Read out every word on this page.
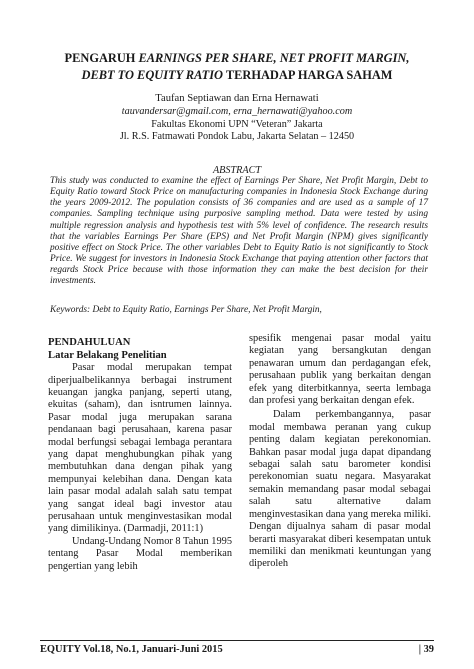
PENGARUH EARNINGS PER SHARE, NET PROFIT MARGIN,
DEBT TO EQUITY RATIO TERHADAP HARGA SAHAM
Taufan Septiawan dan Erna Hernawati
tauvandersar@gmail.com, erna_hernawati@yahoo.com
Fakultas Ekonomi UPN “Veteran” Jakarta
Jl. R.S. Fatmawati Pondok Labu, Jakarta Selatan – 12450
ABSTRACT
This study was conducted to examine the effect of Earnings Per Share, Net Profit Margin, Debt to Equity Ratio toward Stock Price on manufacturing companies in Indonesia Stock Exchange during the years 2009-2012. The population consists of 36 companies and are used as a sample of 17 companies. Sampling technique using purposive sampling method. Data were tested by using multiple regression analysis and hypothesis test with 5% level of confidence. The research results that the variables Earnings Per Share (EPS) and Net Profit Margin (NPM) gives significantly positive effect on Stock Price. The other variables Debt to Equity Ratio is not significantly to Stock Price. We suggest for investors in Indonesia Stock Exchange that paying attention other factors that regards Stock Price because with those information they can make the best decision for their investments.
Keywords: Debt to Equity Ratio, Earnings Per Share, Net Profit Margin,
PENDAHULUAN
Latar Belakang Penelitian

Pasar modal merupakan tempat diperjualbelikannya berbagai instrument keuangan jangka panjang, seperti utang, ekuitas (saham), dan isntrumen lainnya. Pasar modal juga merupakan sarana pendanaan bagi perusahaan, karena pasar modal berfungsi sebagai lembaga perantara yang dapat menghubungkan pihak yang membutuhkan dana dengan pihak yang mempunyai kelebihan dana. Dengan kata lain pasar modal adalah salah satu tempat yang sangat ideal bagi investor atau perusahaan untuk menginvestasikan modal yang dimilikinya. (Darmadji, 2011:1)

Undang-Undang Nomor 8 Tahun 1995 tentang Pasar Modal memberikan pengertian yang lebih

spesifik mengenai pasar modal yaitu kegiatan yang bersangkutan dengan penawaran umum dan perdagangan efek, perusahaan publik yang berkaitan dengan efek yang diterbitkannya, seerta lembaga dan profesi yang berkaitan dengan efek.

Dalam perkembangannya, pasar modal membawa peranan yang cukup penting dalam kegiatan perekonomian. Bahkan pasar modal juga dapat dipandang sebagai salah satu barometer kondisi perekonomian suatu negara. Masyarakat semakin memandang pasar modal sebagai salah satu alternative dalam menginvestasikan dana yang mereka miliki. Dengan dijualnya saham di pasar modal berarti masyarakat diberi kesempatan untuk memiliki dan menikmati keuntungan yang diperoleh

EQUITY Vol.18, No.1, Januari-Juni 2015	| 39
